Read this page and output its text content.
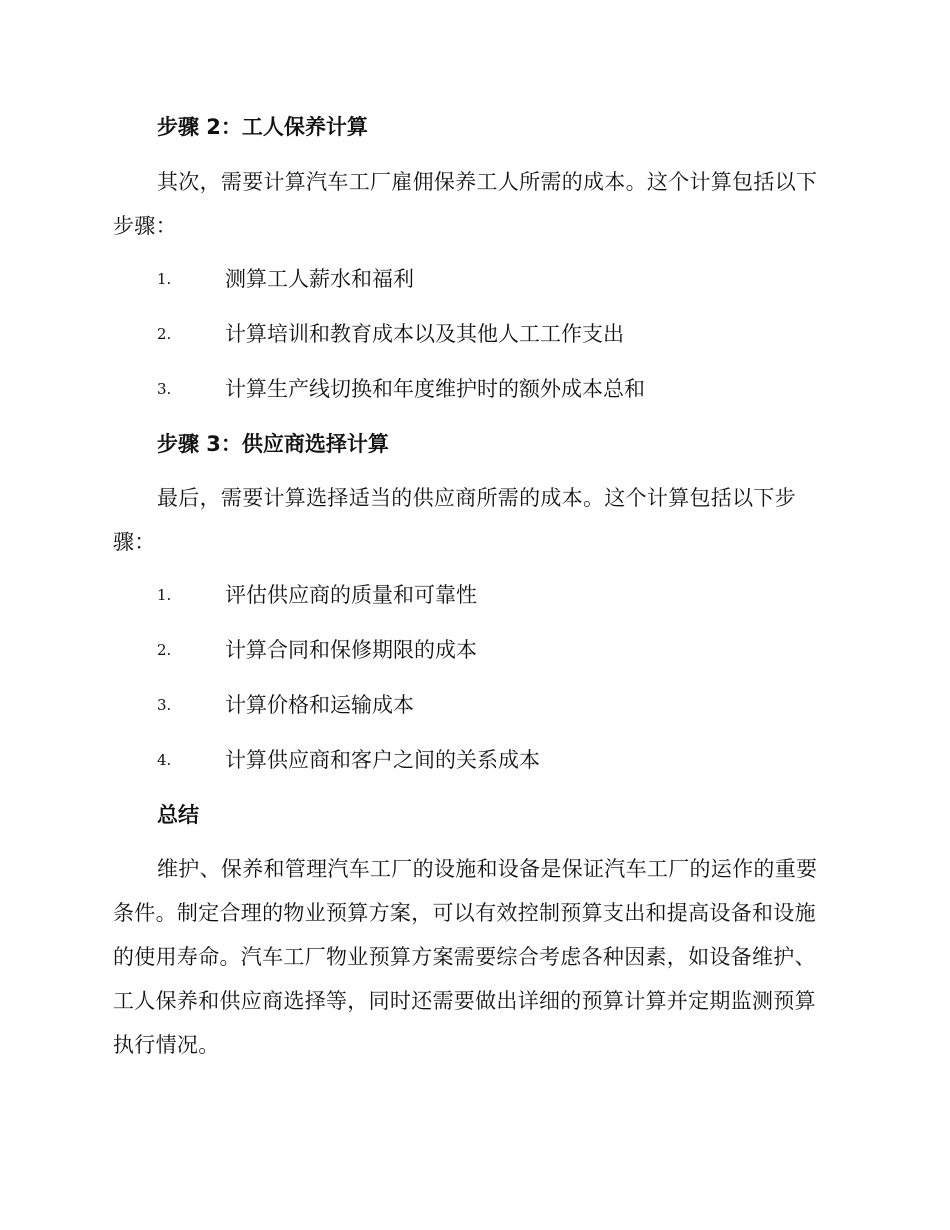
步骤 2：工人保养计算
其次，需要计算汽车工厂雇佣保养工人所需的成本。这个计算包括以下步骤：
1.	测算工人薪水和福利
2.	计算培训和教育成本以及其他人工工作支出
3.	计算生产线切换和年度维护时的额外成本总和
步骤 3：供应商选择计算
最后，需要计算选择适当的供应商所需的成本。这个计算包括以下步骤：
1.	评估供应商的质量和可靠性
2.	计算合同和保修期限的成本
3.	计算价格和运输成本
4.	计算供应商和客户之间的关系成本
总结
维护、保养和管理汽车工厂的设施和设备是保证汽车工厂的运作的重要条件。制定合理的物业预算方案，可以有效控制预算支出和提高设备和设施的使用寿命。汽车工厂物业预算方案需要综合考虑各种因素，如设备维护、工人保养和供应商选择等，同时还需要做出详细的预算计算并定期监测预算执行情况。
